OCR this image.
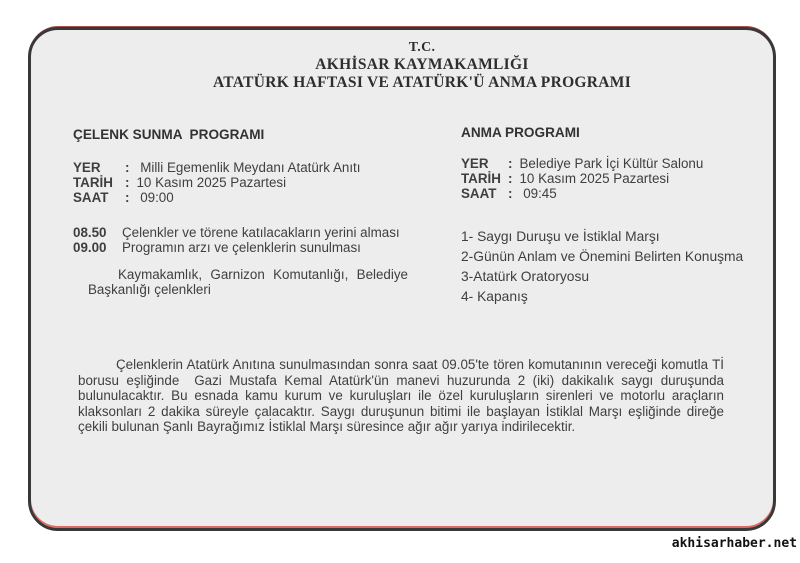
T.C.
AKHİSAR KAYMAKAMLIĞI
ATATÜRK HAFTASI VE ATATÜRK'Ü ANMA PROGRAMI
ÇELENK SUNMA  PROGRAMI
YER	: Milli Egemenlik Meydanı Atatürk Anıtı
TARİH : 10 Kasım 2025 Pazartesi
SAAT	: 09:00
08.50	Çelenkler ve törene katılacakların yerini alması
09.00	Programın arzı ve çelenklerin sunulması
Kaymakamlık, Garnizon Komutanlığı, Belediye Başkanlığı çelenkleri
ANMA PROGRAMI
YER	: Belediye Park İçi Kültür Salonu
TARİH : 10 Kasım 2025 Pazartesi
SAAT : 09:45
1- Saygı Duruşu ve İstiklal Marşı
2-Günün Anlam ve Önemini Belirten Konuşma
3-Atatürk Oratoryosu
4- Kapanış
Çelenklerin Atatürk Anıtına sunulmasından sonra saat 09.05'te tören komutanının vereceği komutla Tİ borusu eşliğinde  Gazi Mustafa Kemal Atatürk'ün manevi huzurunda 2 (iki) dakikalık saygı duruşunda bulunulacaktır. Bu esnada kamu kurum ve kuruluşları ile özel kuruluşların sirenleri ve motorlu araçların klaksonları 2 dakika süreyle çalacaktır. Saygı duruşunun bitimi ile başlayan İstiklal Marşı eşliğinde direğe çekili bulunan Şanlı Bayrağımız İstiklal Marşı süresince ağır ağır yarıya indirilecektir.
akhisarhaber.net
